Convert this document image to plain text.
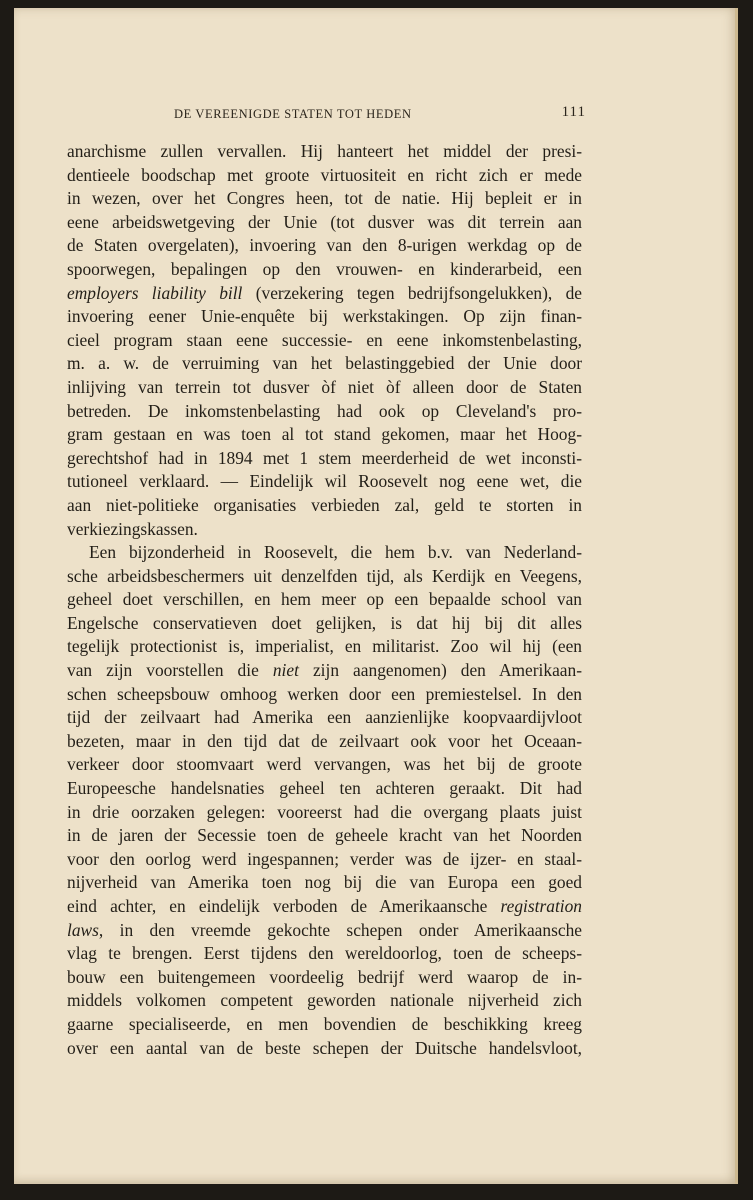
DE VEREENIGDE STATEN TOT HEDEN	111
anarchisme zullen vervallen. Hij hanteert het middel der presi-
dentieele boodschap met groote virtuositeit en richt zich er mede
in wezen, over het Congres heen, tot de natie. Hij bepleit er in
eene arbeidswetgeving der Unie (tot dusver was dit terrein aan
de Staten overgelaten), invoering van den 8-urigen werkdag op de
spoorwegen, bepalingen op den vrouwen- en kinderarbeid, een
employers liability bill (verzekering tegen bedrijfsongelukken), de
invoering eener Unie-enquête bij werkstakingen. Op zijn finan-
cieel program staan eene successie- en eene inkomstenbelasting,
m. a. w. de verruiming van het belastinggebied der Unie door
inlijving van terrein tot dusver òf niet òf alleen door de Staten
betreden. De inkomstenbelasting had ook op Cleveland's pro-
gram gestaan en was toen al tot stand gekomen, maar het Hoog-
gerechtshof had in 1894 met 1 stem meerderheid de wet inconsti-
tutioneel verklaard. — Eindelijk wil Roosevelt nog eene wet, die
aan niet-politieke organisaties verbieden zal, geld te storten in
verkiezingskassen.
Een bijzonderheid in Roosevelt, die hem b.v. van Nederland-
sche arbeidsbeschermers uit denzelfden tijd, als Kerdijk en Veegens,
geheel doet verschillen, en hem meer op een bepaalde school van
Engelsche conservatieven doet gelijken, is dat hij bij dit alles
tegelijk protectionist is, imperialist, en militarist. Zoo wil hij (een
van zijn voorstellen die niet zijn aangenomen) den Amerikaan-
schen scheepsbouw omhoog werken door een premiestelsel. In den
tijd der zeilvaart had Amerika een aanzienlijke koopvaardijvloot
bezeten, maar in den tijd dat de zeilvaart ook voor het Oceaan-
verkeer door stoomvaart werd vervangen, was het bij de groote
Europeesche handelsnaties geheel ten achteren geraakt. Dit had
in drie oorzaken gelegen: vooreerst had die overgang plaats juist
in de jaren der Secessie toen de geheele kracht van het Noorden
voor den oorlog werd ingespannen; verder was de ijzer- en staal-
nijverheid van Amerika toen nog bij die van Europa een goed
eind achter, en eindelijk verboden de Amerikaansche registration
laws, in den vreemde gekochte schepen onder Amerikaansche
vlag te brengen. Eerst tijdens den wereldoorlog, toen de scheeps-
bouw een buitengemeen voordeelig bedrijf werd waarop de in-
middels volkomen competent geworden nationale nijverheid zich
gaarne specialiseerde, en men bovendien de beschikking kreeg
over een aantal van de beste schepen der Duitsche handelsvloot,
